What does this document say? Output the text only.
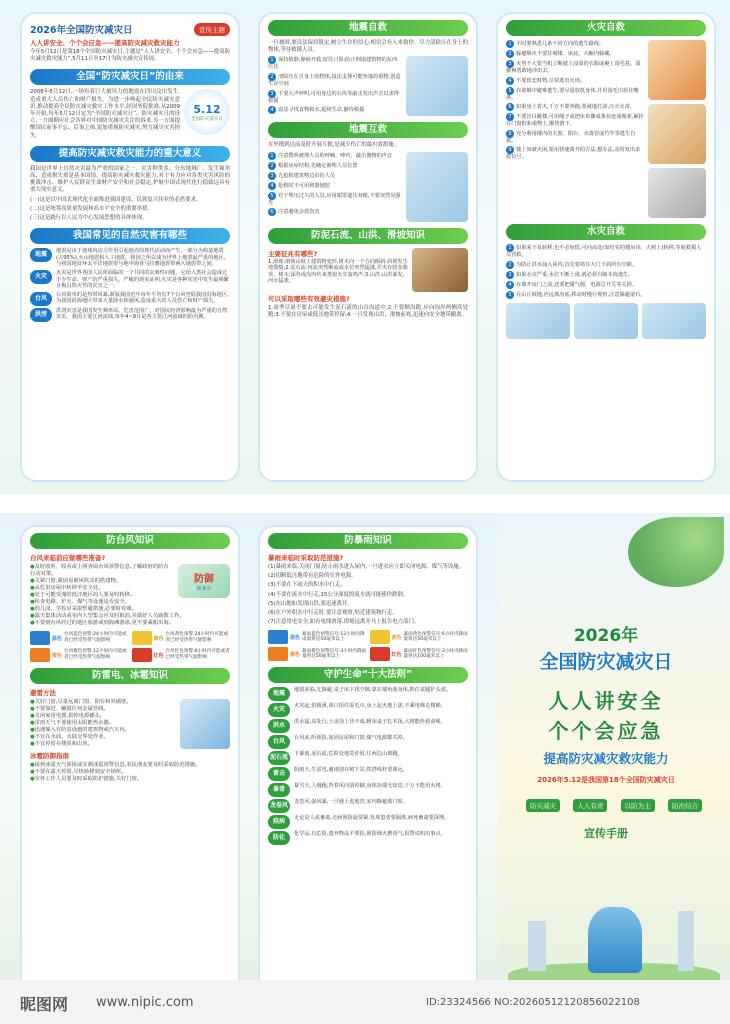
2026年全国防灾减灾日	宣传主题
人人讲安全、个个会应急——提高防灾减灾救灾能力
今年5月12日是第18个全国防灾减灾日,主题是“人人讲安全、个个会应急——提高防灾减灾救灾能力”,5月11日至17日为防灾减灾宣传周。
全国“防灾减灾日”的由来
2008年5月12日,一场有着巨大破坏力的地震在四川汶川发生,造成重大人员伤亡和财产损失。为进一步唤起全民防灾减灾意识,推动提高全民防灾减灾救灾工作水平,经国务院批准,从2009年开始,每年5月12日定为“全国防灾减灾日”。防灾减灾日的设立,一方面顺应社会各界对中国防灾减灾关注的诉求,另一方面提醒国民前事不忘、后事之师,更加重视防灾减灾,努力减少灾害损失。
5.12
全国防灾减灾日
提高防灾减灾救灾能力的重大意义
我国是世界上自然灾害最为严重的国家之一。灾害种类多、分布地域广、发生频率高、造成损失重是基本国情。提高防灾减灾救灾能力,对于有力应对各类灾害风险的挑战冲击、维护人民群众生命财产安全和社会稳定,护航中国式现代化行稳致远具有重大现实意义。
(一)这是以中国式现代化全面推进强国建设、民族复兴伟业的必然要求。
(二)这是统筹高质量发展和高水平安全的重要举措。
(三)这是践行以人民为中心发展思想的具体体现。
我国常见的自然灾害有哪些
地震	地震是由于地球内动力作用引起地壳的现代活动而产生,一部分为构造地震(占95%),火山地震和人工地震。我国之所以成为世界上地震最严重的地区,与我国地处环太平洋地震带与地中海喜马拉雅地震带两大地震带之间。
火灾	火灾是世界各国人民所面临的一个共同的灾难性问题。它给人类社会造成过不少生命、财产的严重损失。严峻的现实证明,火灾是各种灾害中发生最频繁且极具毁灭性的灾害之一。
台风	台风简单的是热带风暴,新版我国近年每年平均有7个台风登陆我国沿海地区,为我国沿海地区带来大量降水和强风,造成重大的人员伤亡和财产损失。
洪涝	洪涝灾害是我国发生频率高、危害范围广、对国民经济影响最为严重的自然灾害。我国主要江河流域,每年4~9月是各主要江河流域的防汛期。
地震自救
一旦被困,要设法保持镇定,树立生存的信心,相信会有人来救你。尽力清除压在身上的物体,等待救援人员。
1 保持镇静,静候开救,留住口鼻;防止倒塌建筑物的东西压住
2 清除压在自身上的物体,设法支撑可能坠落的重物,创造生存空间
3 不要大声呼叫,可用身边的石块等敲击发出声音以求得救援
4 设法寻找食物和水,延续生命,静待救援
地震互救
在外援到达前及时开展互救,是减少伤亡的最有效措施。
1 注意搜听被埋人员的呼喊、呻吟、敲击器物的声音
2 根据房屋结构,先确定被埋人员位置
3 先抢救建筑物边沿的人员
4 抢救时不可用利器刨挖
5 对于埋压过久的人员,应用眼罩遮住双眼,不要突然见强光
6 注意避免余震伤害
防泥石流、山洪、滑坡知识
主要征兆有哪些?
1.滑坡:滑坡山坡上建筑物变形,树木向一个方向倾斜;斜坡发生地裂缝;2.泥石流:河流突然断流或水位突然猛涨,并夹有较多柴草、树木;深谷或沟内传来类似火车轰鸣声;3.山洪:山洪暴发,河水猛涨。
可以采取哪些有效避灾措施?
1.雨季尽量不要去可能发生泥石流的山谷沟道中;2.不要顺沟跑,应向沟岸两侧高处跑;3.不要在房屋或低洼地带停留;4.一旦发现山洪、滑坡前兆,迅速向安全地带撤离。
火灾自救
1 平时要熟悉几条不同方向的逃生路线。
2 躲避烟火不要往阁楼、床底、大橱内躲藏。
3 火势不大要当机立断披上浸湿的衣服或裹上湿毛毯、湿被褥勇敢地冲出去。
4 不要留恋财物,尽快逃出火场。
5 在浓烟中避难逃生,要尽量放低身体,并用湿毛巾捂住嘴鼻。
6 如果身上着火,千万不要奔跑,要就地打滚,压灭火苗。
7 不要盲目跳楼,可用绳子或把床单撕成条状连成绳索,紧拴在门窗框和重物上,顺势滑下。
8 充分利用楼内的大窗、阳台、水落管或竹竿等逃生自救。
9 楼上如被火困,要用快速离开的方法,想办法,及时发出求救信号。
水灾自救
1 如果来不及转移,也不必惊慌,可向高处(如结实的楼房顶、大树上)转移,等候救援人员营救。
2 为防止洪水涌入屋内,首先要堵住大门下面所有空隙。
3 如果水灾严重,水位不断上涨,就必须自制木筏逃生。
4 在离开房门之前,还要把煤气阀、电源总开关等关掉。
5 在山丘坡地,应远离沟底,移动时慢行观察,注意躲避滚石。
防台风知识
台风来临前应做哪些准备?
● 及时收听、收看或上网查阅台风预警信息,了解政府的防台行动对策。
● 关紧门窗,紧固易被风吹动的搭建物。
● 从危旧房屋中转移至安全处。
● 处于可能受淹的低洼地区的人要及时转移。
● 检查电路、炉火、煤气等设施是否安全。
● 幼儿园、学校应采取暂避措施,必要时停课。
防御
知多少
● 露天集体活动或室内大型集会应及时取消,并做好人员疏散工作。
● 不要到台风经过的地区旅游或到海滩游泳,更不要乘船出海。
蓝色
台风蓝色预警:24小时内可能或者已经受热带气旋影响	黄色
台风黄色预警:24小时内可能或者已经受热带气旋影响
橙色
台风橙色预警:12小时内可能或者已经受热带气旋影响	红色
台风红色预警:6小时内可能或者已经受热带气旋影响
防雷电、冰雹知识
避雷方法
● 关好门窗,尽量远离门窗、阳台和外墙壁。
● 不要靠近、触摸任何金属管线。
● 关闭家用电器,拔掉电源插头。
● 雷雨天气不要使用太阳能热水器。
● 迅速躲入有防雷设施的建筑物或汽车内。
● 不宜在水面、水陆交界处作业。
● 不宜停留在楼顶和山顶。
冰雹防御指南
● 接到冰雹天气预报或实测冰雹预警信息,农民朋友要及时采取防范措施。
● 不要在露天停留,尽快转移到安全场所。
● 室外工作人员要及时采取防护措施,关好门窗。
防暴雨知识
暴雨来临时采取防范措施?
(1)暴雨来临,关闭门窗,防止雨水进入屋内,一旦进水应立即关闭电源、煤气等设施。
(2)切断低洼地带有危险的室外电源。
(3)不要在下雨天的积水中行走。
(4)不要在流水中行走,15公分深度的流水就可能使你跌倒。
(5)在山地如发现山洪,要迅速离开。
(6)在户外积水中行走时,要注意观察,贴近建筑物行走。
(7)注意用电安全,如有电线滑落,即刻远离并马上报告电力部门。
蓝色
暴雨蓝色预警信号:12小时内降雨量将达50毫米以上	黄色
暴雨黄色预警信号:6小时内降雨量将达50毫米以上
橙色
暴雨橙色预警信号:3小时内降雨量将达50毫米以上	红色
暴雨红色预警信号:3小时内降雨量将达100毫米以上
守护生命“十大法则”
地震	地震来临,先躲避,桌子床下找空隙,靠在墙角曲身体,抓住桌腿护头部。
火灾	火灾起,怕烟熏,鼻口捂住湿毛巾,身上起火地上滚,不乘电梯走楼梯。
洪水	洪水猛,高处行,土房顶上待不成,睡床桌子扎木筏,大树能拴救命绳。
台风	台风来,听预报,加固房屋和门窗,煤气电源都关掉。
泥石流	下暴雨,泥石流,危险处地莫停留,往两边山坡跑。
雷击	阴雨天,生雷电,避雨别在树下站,铁塔线杆要离远。
暴雪	暴雪天,人慢跑,背着风向别停脚,身体冻僵无知觉,千万不能用火烤。
龙卷风	龙卷风,强风暴,一旦遇上进地窖,室内躲避离门窗。
疫病	无论是人或畜禽,无病预防最要紧,发现患者要隔离,病死畜禽要深埋。
防化	化学品,有危险,遗弃物品不要捡,预防烟火燃毒气,报警说明出事点。
2026年
全国防灾减灾日
人人讲安全
个个会应急
提高防灾减灾救灾能力
2026年5.12是我国第18个全国防灾减灾日
防灾减灾	人人有责	以防为主	防治结合
宣传手册
昵图网 www.nipic.com	ID:23324566 NO:20260512120856022108
